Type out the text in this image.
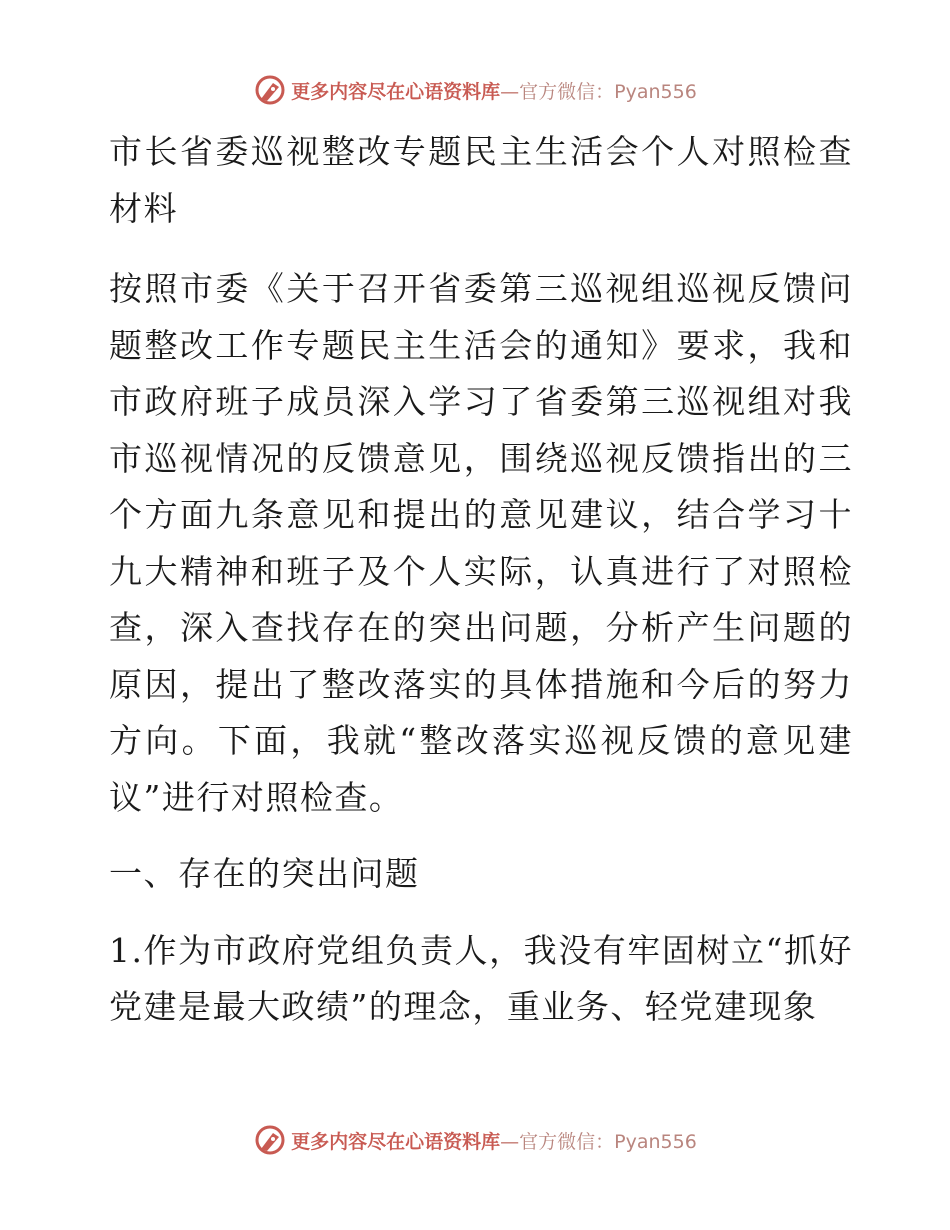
更多内容尽在心语资料库—官方微信：Pyan556

市长省委巡视整改专题民主生活会个人对照检查材料

按照市委《关于召开省委第三巡视组巡视反馈问题整改工作专题民主生活会的通知》要求，我和市政府班子成员深入学习了省委第三巡视组对我市巡视情况的反馈意见，围绕巡视反馈指出的三个方面九条意见和提出的意见建议，结合学习十九大精神和班子及个人实际，认真进行了对照检查，深入查找存在的突出问题，分析产生问题的原因，提出了整改落实的具体措施和今后的努力方向。下面，我就“整改落实巡视反馈的意见建议”进行对照检查。

一、存在的突出问题

1.作为市政府党组负责人，我没有牢固树立“抓好党建是最大政绩”的理念，重业务、轻党建现象

更多内容尽在心语资料库—官方微信：Pyan556
